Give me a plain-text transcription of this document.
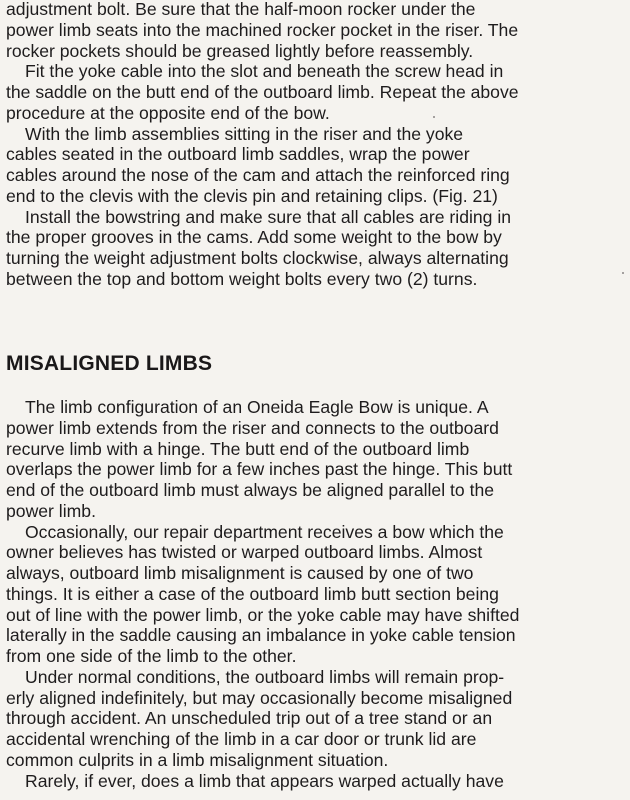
adjustment bolt. Be sure that the half-moon rocker under the
power limb seats into the machined rocker pocket in the riser. The
rocker pockets should be greased lightly before reassembly.
Fit the yoke cable into the slot and beneath the screw head in
the saddle on the butt end of the outboard limb. Repeat the above
procedure at the opposite end of the bow.
With the limb assemblies sitting in the riser and the yoke
cables seated in the outboard limb saddles, wrap the power
cables around the nose of the cam and attach the reinforced ring
end to the clevis with the clevis pin and retaining clips. (Fig. 21)
Install the bowstring and make sure that all cables are riding in
the proper grooves in the cams. Add some weight to the bow by
turning the weight adjustment bolts clockwise, always alternating
between the top and bottom weight bolts every two (2) turns.
MISALIGNED LIMBS
The limb configuration of an Oneida Eagle Bow is unique. A
power limb extends from the riser and connects to the outboard
recurve limb with a hinge. The butt end of the outboard limb
overlaps the power limb for a few inches past the hinge. This butt
end of the outboard limb must always be aligned parallel to the
power limb.
Occasionally, our repair department receives a bow which the
owner believes has twisted or warped outboard limbs. Almost
always, outboard limb misalignment is caused by one of two
things. It is either a case of the outboard limb butt section being
out of line with the power limb, or the yoke cable may have shifted
laterally in the saddle causing an imbalance in yoke cable tension
from one side of the limb to the other.
Under normal conditions, the outboard limbs will remain prop-
erly aligned indefinitely, but may occasionally become misaligned
through accident. An unscheduled trip out of a tree stand or an
accidental wrenching of the limb in a car door or trunk lid are
common culprits in a limb misalignment situation.
Rarely, if ever, does a limb that appears warped actually have
